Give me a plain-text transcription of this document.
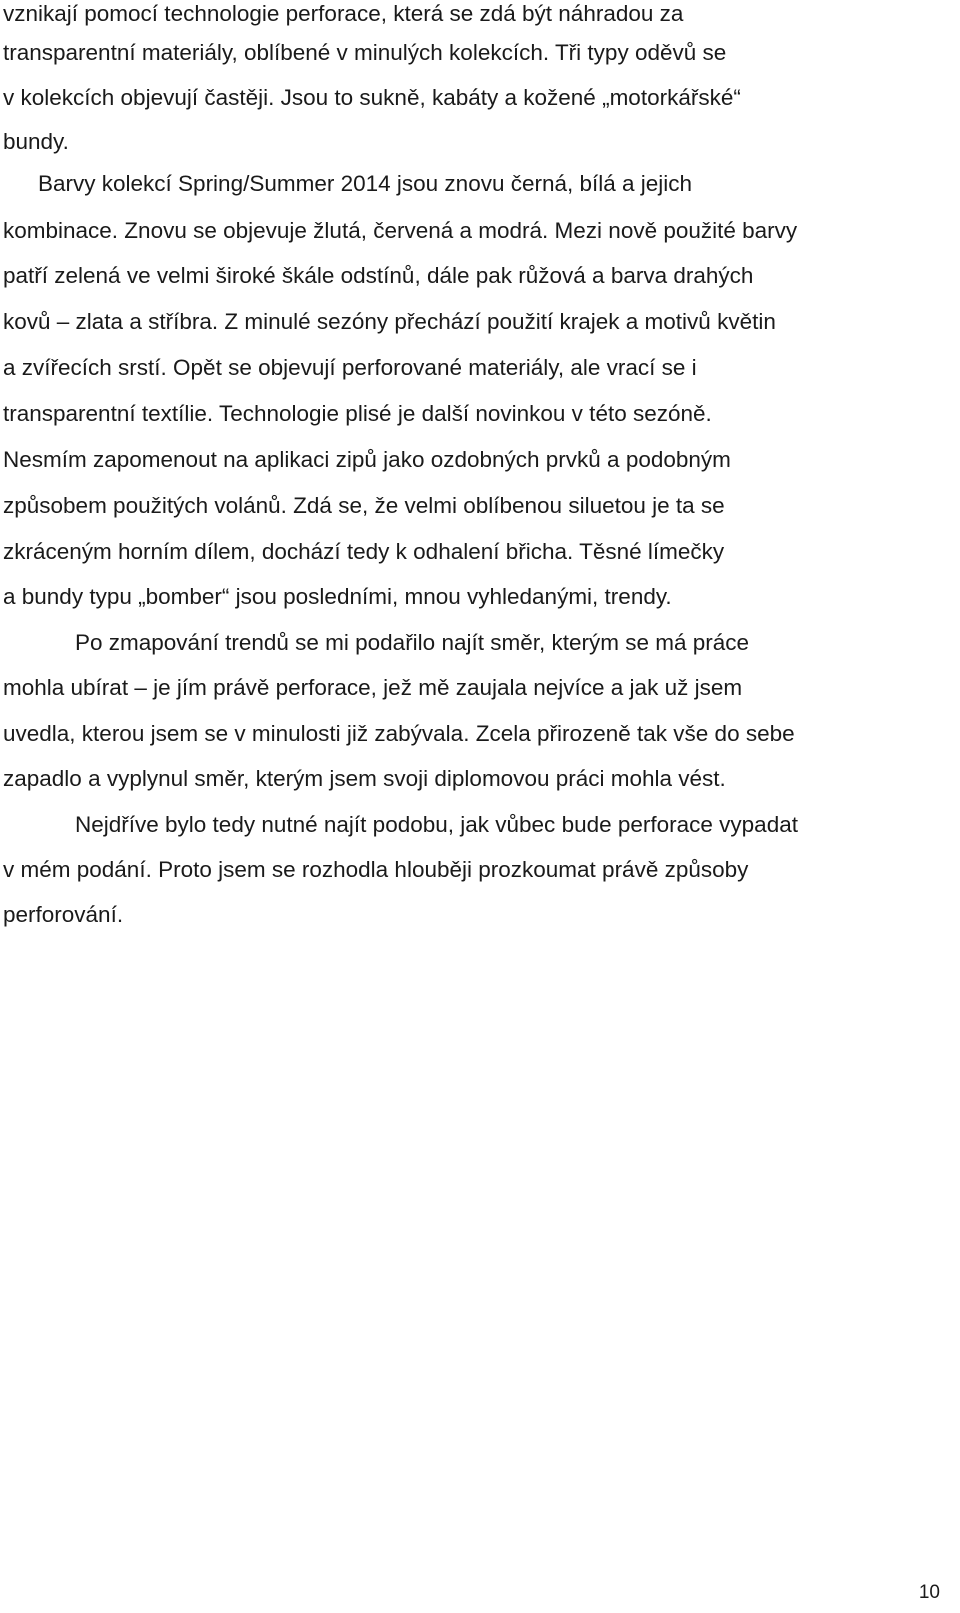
vznikají pomocí technologie perforace, která se zdá být náhradou za
transparentní materiály, oblíbené v minulých kolekcích. Tři typy oděvů se
v kolekcích objevují častěji. Jsou to sukně, kabáty a kožené „motorkářské“
bundy.
Barvy kolekcí Spring/Summer 2014 jsou znovu černá, bílá a jejich
kombinace. Znovu se objevuje žlutá, červená a modrá. Mezi nově použité barvy
patří zelená ve velmi široké škále odstínů, dále pak růžová a barva drahých
kovů – zlata a stříbra. Z minulé sezóny přechází použití krajek a motivů květin
a zvířecích srstí. Opět se objevují perforované materiály, ale vrací se i
transparentní textílie. Technologie plisé je další novinkou v této sezóně.
Nesmím zapomenout na aplikaci zipů jako ozdobných prvků a podobným
způsobem použitých volánů. Zdá se, že velmi oblíbenou siluetou je ta se
zkráceným horním dílem, dochází tedy k odhalení břicha. Těsné límečky
a bundy typu „bomber“ jsou posledními, mnou vyhledanými, trendy.
Po zmapování trendů se mi podařilo najít směr, kterým se má práce
mohla ubírat – je jím právě perforace, jež mě zaujala nejvíce a jak už jsem
uvedla, kterou jsem se v minulosti již zabývala. Zcela přirozeně tak vše do sebe
zapadlo a vyplynul směr, kterým jsem svoji diplomovou práci mohla vést.
Nejdříve bylo tedy nutné najít podobu, jak vůbec bude perforace vypadat
v mém podání. Proto jsem se rozhodla hlouběji prozkoumat právě způsoby
perforování.
10
